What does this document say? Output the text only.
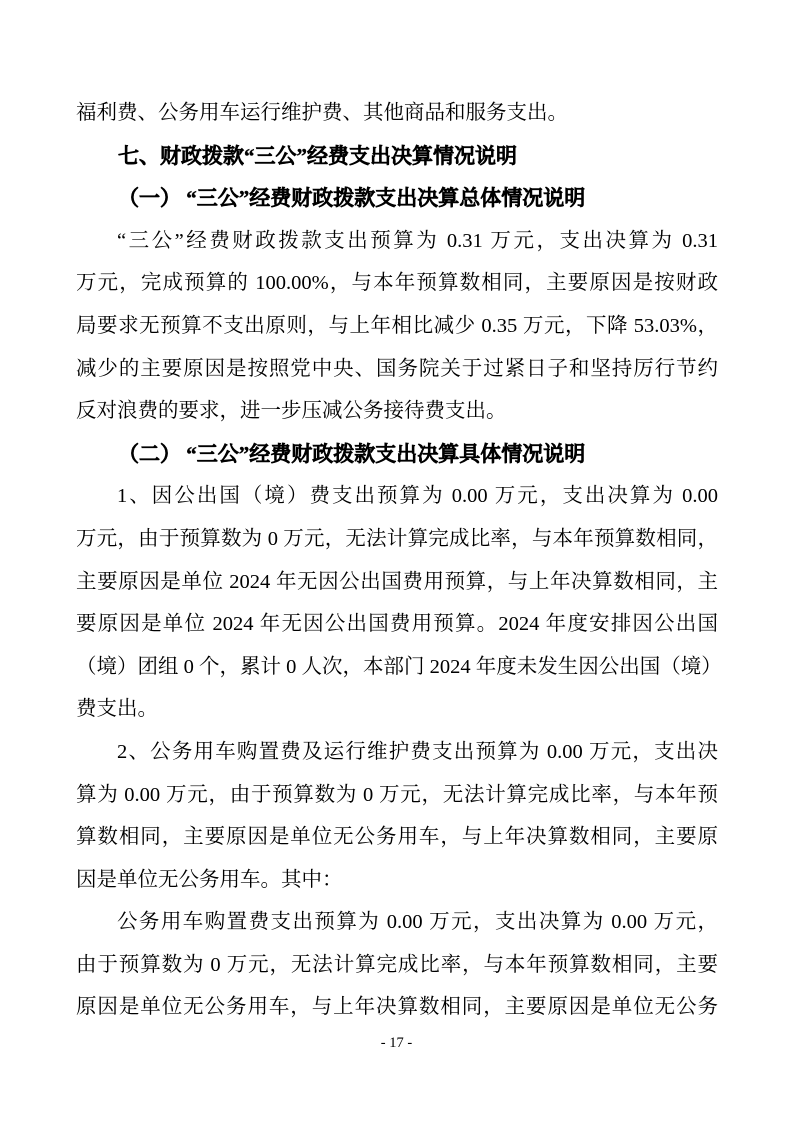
福利费、公务用车运行维护费、其他商品和服务支出。
七、财政拨款“三公”经费支出决算情况说明
（一） “三公”经费财政拨款支出决算总体情况说明
“三公”经费财政拨款支出预算为 0.31 万元，支出决算为 0.31
万元，完成预算的 100.00%，与本年预算数相同，主要原因是按财政
局要求无预算不支出原则，与上年相比减少 0.35 万元，下降 53.03%，
减少的主要原因是按照党中央、国务院关于过紧日子和坚持厉行节约
反对浪费的要求，进一步压减公务接待费支出。
（二） “三公”经费财政拨款支出决算具体情况说明
1、因公出国（境）费支出预算为 0.00 万元，支出决算为 0.00
万元，由于预算数为 0 万元，无法计算完成比率，与本年预算数相同，
主要原因是单位 2024 年无因公出国费用预算，与上年决算数相同，主
要原因是单位 2024 年无因公出国费用预算。2024 年度安排因公出国
（境）团组 0 个，累计 0 人次，本部门 2024 年度未发生因公出国（境）
费支出。
2、公务用车购置费及运行维护费支出预算为 0.00 万元，支出决
算为 0.00 万元，由于预算数为 0 万元，无法计算完成比率，与本年预
算数相同，主要原因是单位无公务用车，与上年决算数相同，主要原
因是单位无公务用车。其中：
公务用车购置费支出预算为 0.00 万元，支出决算为 0.00 万元，
由于预算数为 0 万元，无法计算完成比率，与本年预算数相同，主要
原因是单位无公务用车，与上年决算数相同，主要原因是单位无公务
- 17 -
